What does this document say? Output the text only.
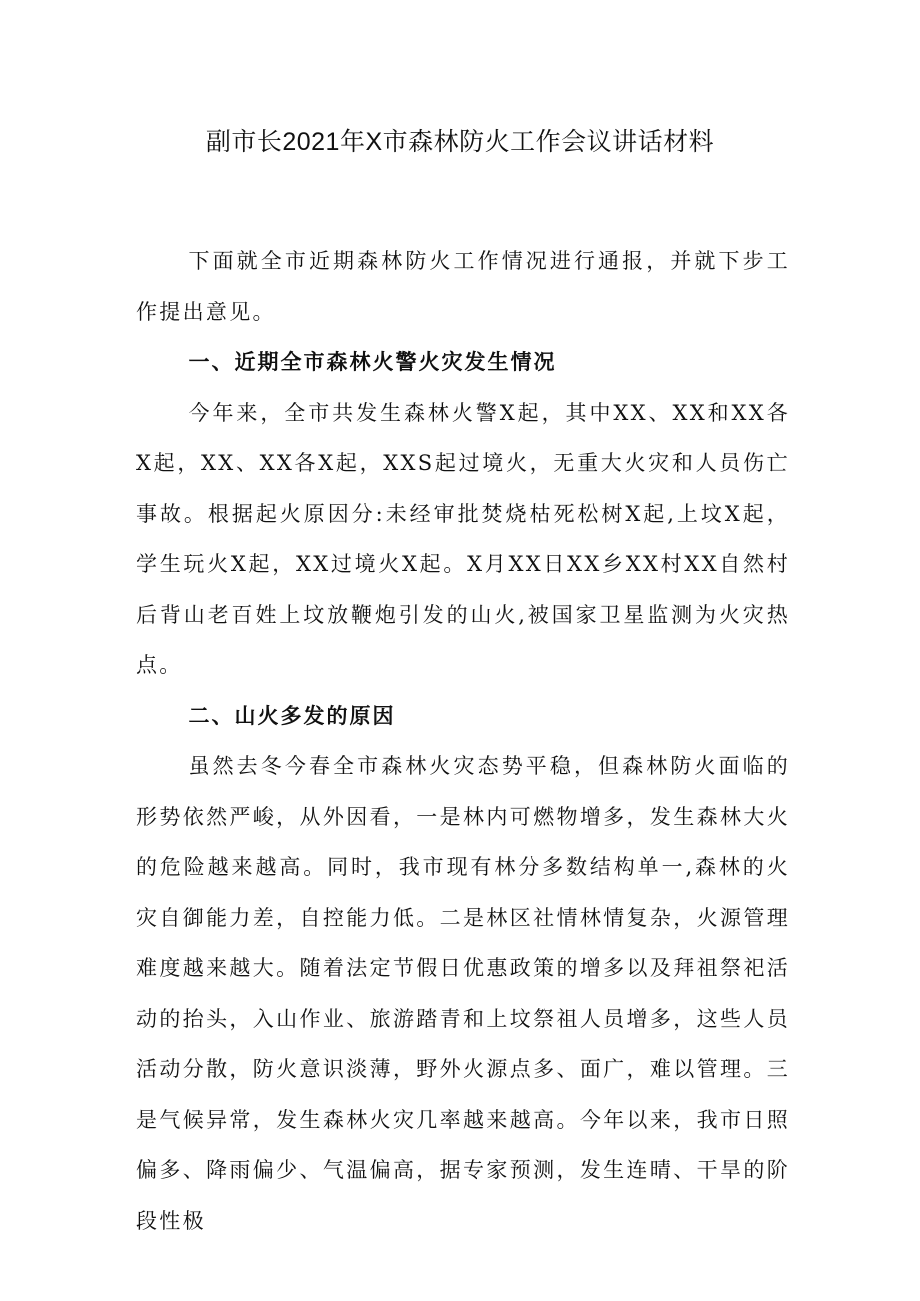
副市长2021年X市森林防火工作会议讲话材料

下面就全市近期森林防火工作情况进行通报，并就下步工作提出意见。

一、近期全市森林火警火灾发生情况

今年来，全市共发生森林火警X起，其中XX、XX和XX各X起，XX、XX各X起，XXS起过境火，无重大火灾和人员伤亡事故。根据起火原因分:未经审批焚烧枯死松树X起,上坟X起，学生玩火X起，XX过境火X起。X月XX日XX乡XX村XX自然村后背山老百姓上坟放鞭炮引发的山火,被国家卫星监测为火灾热点。

二、山火多发的原因

虽然去冬今春全市森林火灾态势平稳，但森林防火面临的形势依然严峻，从外因看，一是林内可燃物增多，发生森林大火的危险越来越高。同时，我市现有林分多数结构单一,森林的火灾自御能力差，自控能力低。二是林区社情林情复杂，火源管理难度越来越大。随着法定节假日优惠政策的增多以及拜祖祭祀活动的抬头，入山作业、旅游踏青和上坟祭祖人员增多，这些人员活动分散，防火意识淡薄，野外火源点多、面广，难以管理。三是气候异常，发生森林火灾几率越来越高。今年以来，我市日照偏多、降雨偏少、气温偏高，据专家预测，发生连晴、干旱的阶段性极
